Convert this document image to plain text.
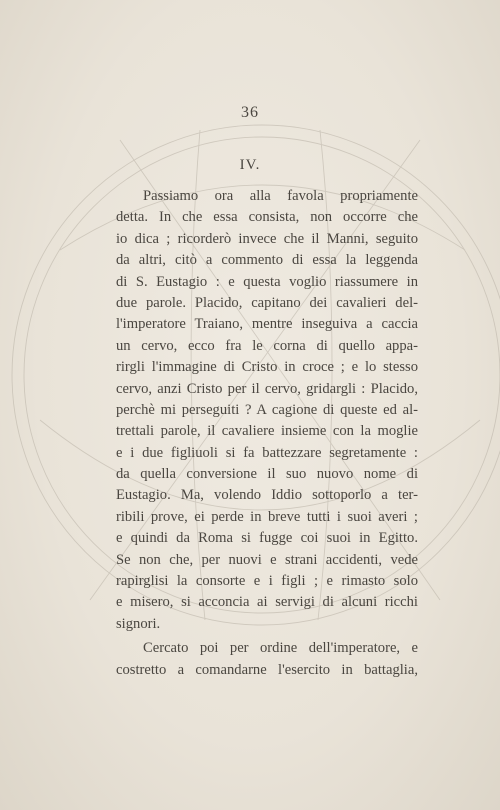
36
IV.
Passiamo ora alla favola propriamente
detta. In che essa consista, non occorre che
io dica ; ricorderò invece che il Manni, seguito
da altri, citò a commento di essa la leggenda
di S. Eustagio : e questa voglio riassumere in
due parole. Placido, capitano dei cavalieri del-
l'imperatore Traiano, mentre inseguiva a caccia
un cervo, ecco fra le corna di quello appa-
rirgli l'immagine di Cristo in croce ; e lo stesso
cervo, anzi Cristo per il cervo, gridargli : Placido,
perchè mi perseguiti ? A cagione di queste ed al-
trettali parole, il cavaliere insieme con la moglie
e i due figliuoli si fa battezzare segretamente :
da quella conversione il suo nuovo nome di
Eustagio. Ma, volendo Iddio sottoporlo a ter-
ribili prove, ei perde in breve tutti i suoi averi ;
e quindi da Roma si fugge coi suoi in Egitto.
Se non che, per nuovi e strani accidenti, vede
rapirglisi la consorte e i figli ; e rimasto solo
e misero, si acconcia ai servigi di alcuni ricchi
signori.
Cercato poi per ordine dell'imperatore, e
costretto a comandarne l'esercito in battaglia,
